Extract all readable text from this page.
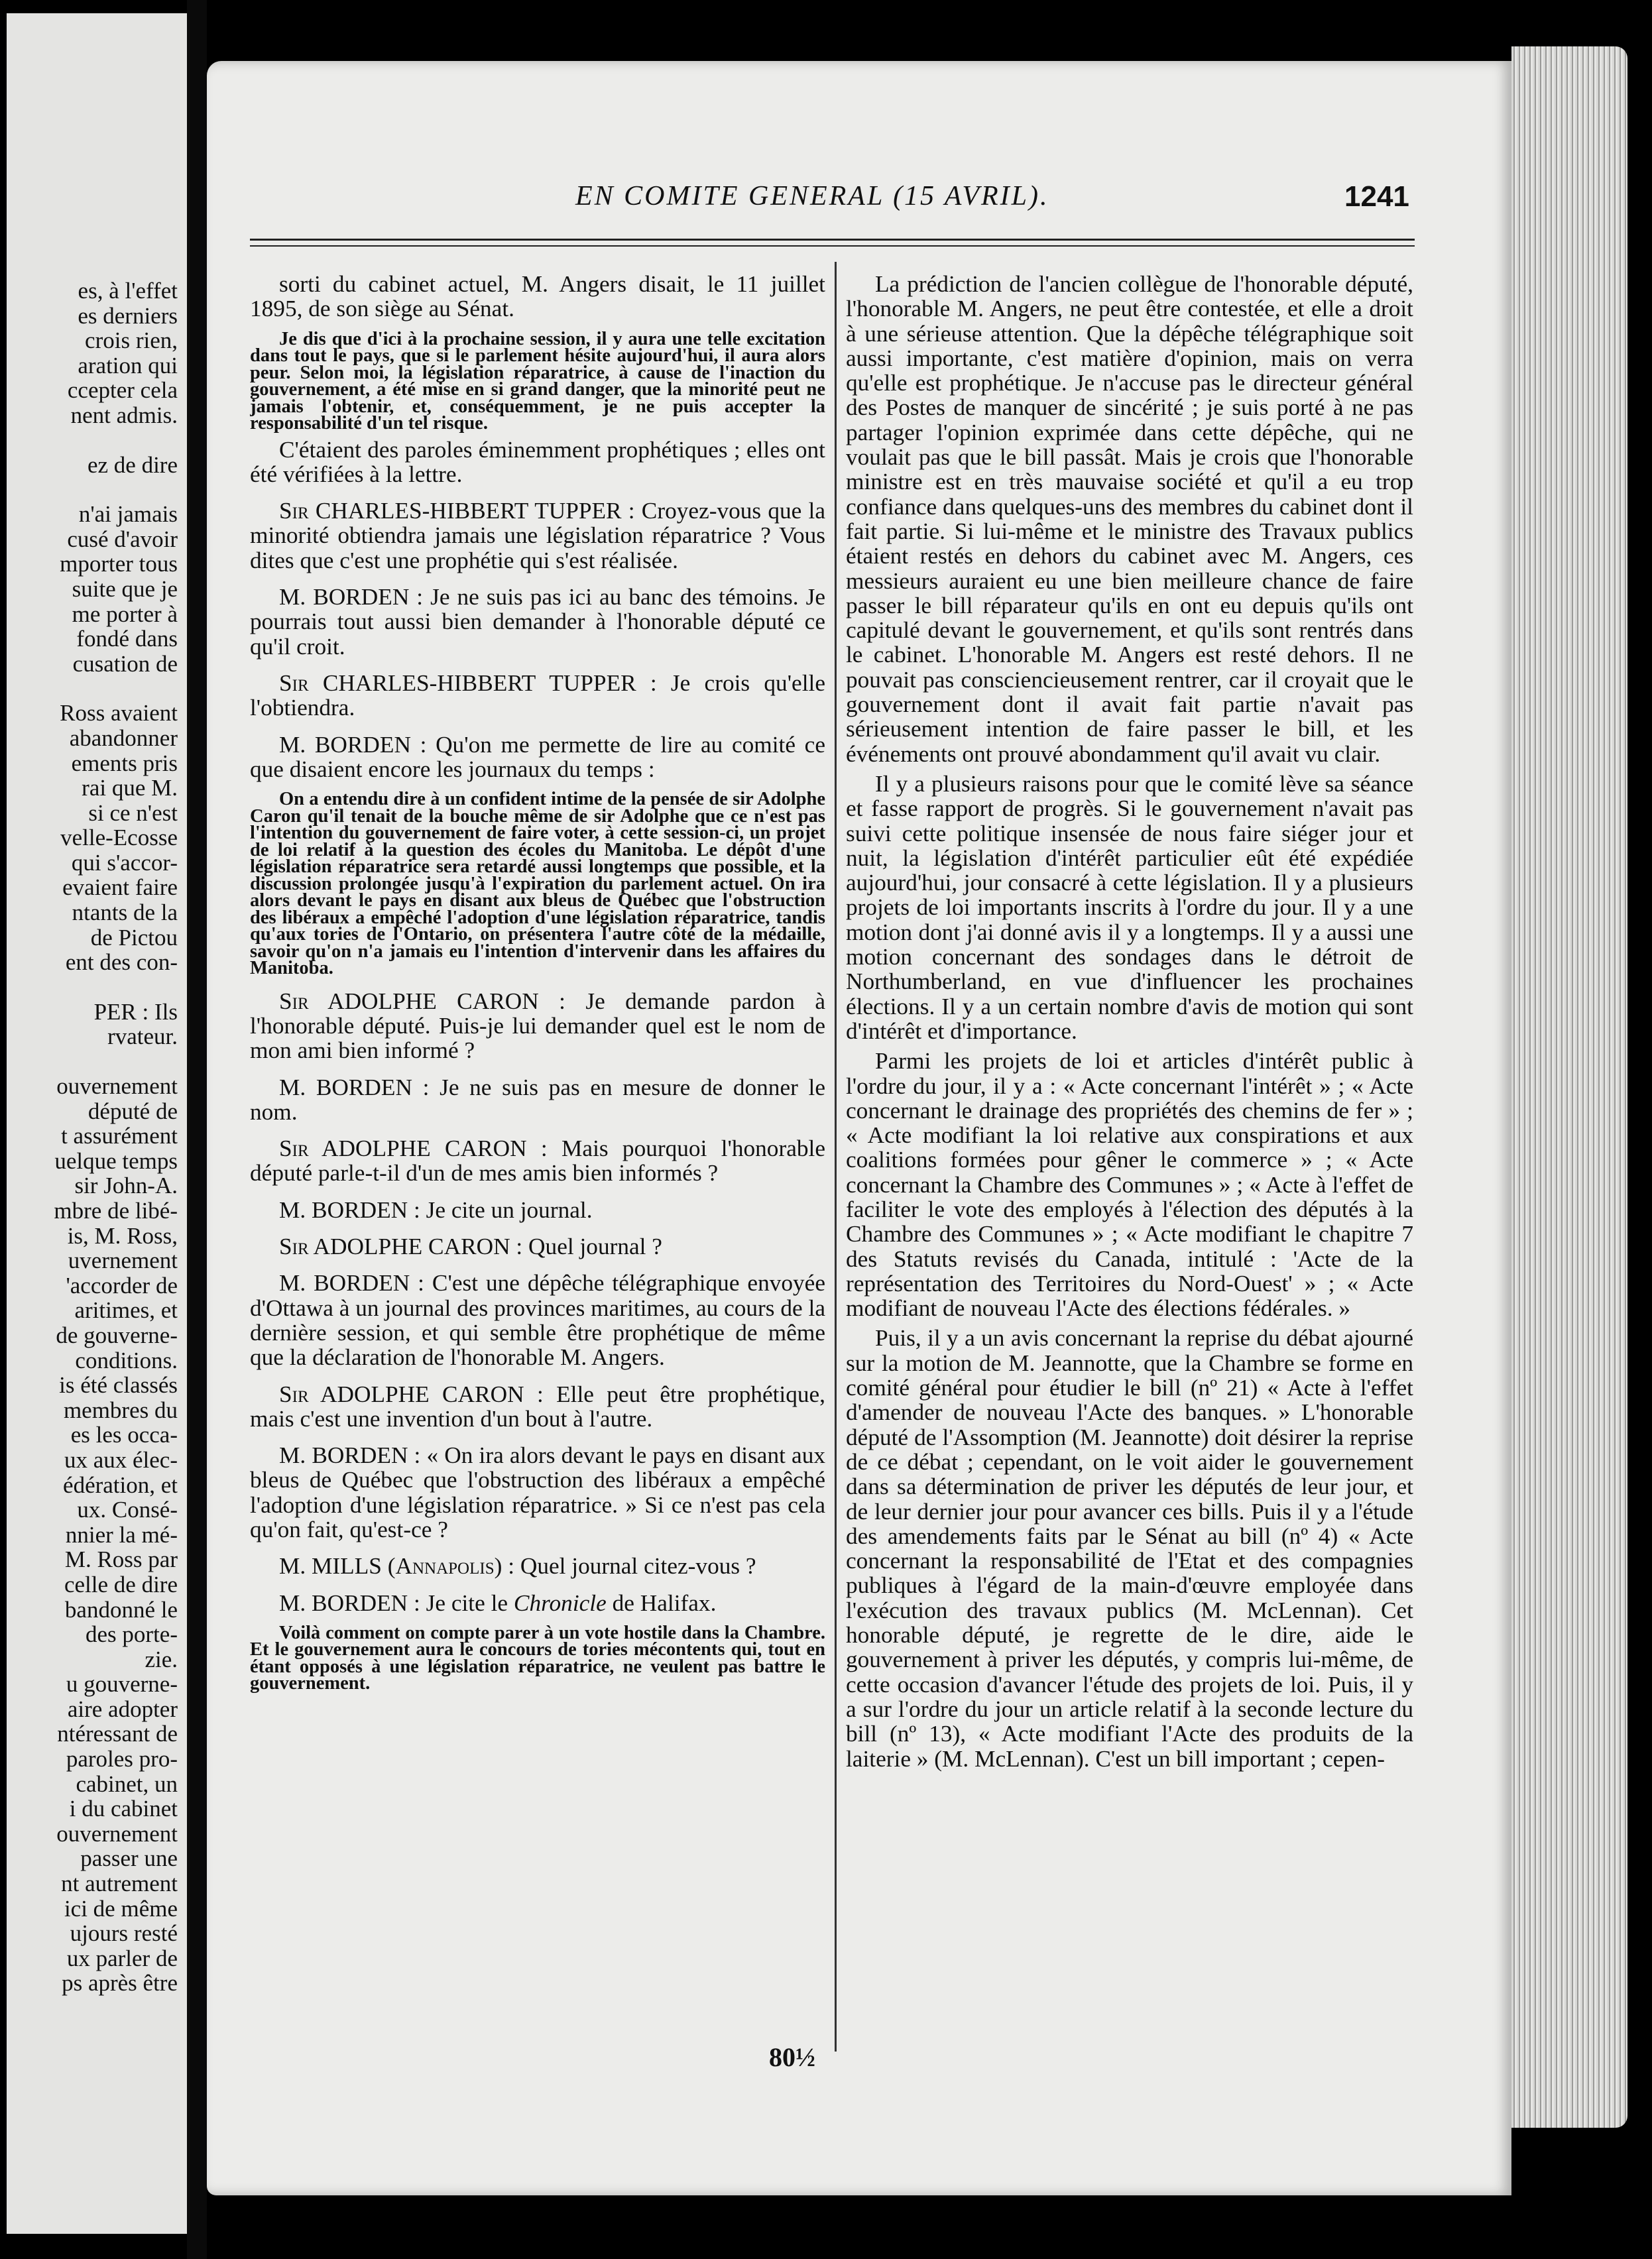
es, à l'effet
es derniers
crois rien,
aration qui
ccepter cela
nent admis.
ez de dire
n'ai jamais
cusé d'avoir
mporter tous
suite que je
me porter à
fondé dans
cusation de
Ross avaient
abandonner
ements pris
rai que M.
si ce n'est
velle-Ecosse
qui s'accor-
evaient faire
ntants de la
de Pictou
ent des con-
PER : Ils
rvateur.
ouvernement
député de
t assurément
uelque temps
sir John-A.
mbre de libé-
is, M. Ross,
uvernement
'accorder de
aritimes, et
de gouverne-
conditions.
is été classés
membres du
es les occa-
ux aux élec-
édération, et
ux. Consé-
nnier la mé-
M. Ross par
celle de dire
bandonné le
des porte-
zie.
u gouverne-
aire adopter
ntéressant de
paroles pro-
cabinet, un
i du cabinet
ouvernement
passer une
nt autrement
ici de même
ujours resté
ux parler de
ps après être
EN COMITE GENERAL (15 AVRIL).	1241

sorti du cabinet actuel, M. Angers disait, le 11 juillet 1895, de son siège au Sénat.

Je dis que d'ici à la prochaine session, il y aura une telle excitation dans tout le pays, que si le parlement hésite aujourd'hui, il aura alors peur. Selon moi, la législation réparatrice, à cause de l'inaction du gouvernement, a été mise en si grand danger, que la minorité peut ne jamais l'obtenir, et, conséquemment, je ne puis accepter la responsabilité d'un tel risque.

C'étaient des paroles éminemment prophétiques ; elles ont été vérifiées à la lettre.

Sir CHARLES-HIBBERT TUPPER : Croyez-vous que la minorité obtiendra jamais une législation réparatrice ? Vous dites que c'est une prophétie qui s'est réalisée.

M. BORDEN : Je ne suis pas ici au banc des témoins. Je pourrais tout aussi bien demander à l'honorable député ce qu'il croit.

Sir CHARLES-HIBBERT TUPPER : Je crois qu'elle l'obtiendra.

M. BORDEN : Qu'on me permette de lire au comité ce que disaient encore les journaux du temps :

On a entendu dire à un confident intime de la pensée de sir Adolphe Caron qu'il tenait de la bouche même de sir Adolphe que ce n'est pas l'intention du gouvernement de faire voter, à cette session-ci, un projet de loi relatif à la question des écoles du Manitoba. Le dépôt d'une législation réparatrice sera retardé aussi longtemps que possible, et la discussion prolongée jusqu'à l'expiration du parlement actuel. On ira alors devant le pays en disant aux bleus de Québec que l'obstruction des libéraux a empêché l'adoption d'une législation réparatrice, tandis qu'aux tories de l'Ontario, on présentera l'autre côté de la médaille, savoir qu'on n'a jamais eu l'intention d'intervenir dans les affaires du Manitoba.

Sir ADOLPHE CARON : Je demande pardon à l'honorable député. Puis-je lui demander quel est le nom de mon ami bien informé ?

M. BORDEN : Je ne suis pas en mesure de donner le nom.

Sir ADOLPHE CARON : Mais pourquoi l'honorable député parle-t-il d'un de mes amis bien informés ?

M. BORDEN : Je cite un journal.

Sir ADOLPHE CARON : Quel journal ?

M. BORDEN : C'est une dépêche télégraphique envoyée d'Ottawa à un journal des provinces maritimes, au cours de la dernière session, et qui semble être prophétique de même que la déclaration de l'honorable M. Angers.

Sir ADOLPHE CARON : Elle peut être prophétique, mais c'est une invention d'un bout à l'autre.

M. BORDEN : « On ira alors devant le pays en disant aux bleus de Québec que l'obstruction des libéraux a empêché l'adoption d'une législation réparatrice. » Si ce n'est pas cela qu'on fait, qu'est-ce ?

M. MILLS (Annapolis) : Quel journal citez-vous ?

M. BORDEN : Je cite le Chronicle de Halifax.

Voilà comment on compte parer à un vote hostile dans la Chambre. Et le gouvernement aura le concours de tories mécontents qui, tout en étant opposés à une législation réparatrice, ne veulent pas battre le gouvernement.

La prédiction de l'ancien collègue de l'honorable député, l'honorable M. Angers, ne peut être contestée, et elle a droit à une sérieuse attention. Que la dépêche télégraphique soit aussi importante, c'est matière d'opinion, mais on verra qu'elle est prophétique. Je n'accuse pas le directeur général des Postes de manquer de sincérité ; je suis porté à ne pas partager l'opinion exprimée dans cette dépêche, qui ne voulait pas que le bill passât. Mais je crois que l'honorable ministre est en très mauvaise société et qu'il a eu trop confiance dans quelques-uns des membres du cabinet dont il fait partie. Si lui-même et le ministre des Travaux publics étaient restés en dehors du cabinet avec M. Angers, ces messieurs auraient eu une bien meilleure chance de faire passer le bill réparateur qu'ils en ont eu depuis qu'ils ont capitulé devant le gouvernement, et qu'ils sont rentrés dans le cabinet. L'honorable M. Angers est resté dehors. Il ne pouvait pas consciencieusement rentrer, car il croyait que le gouvernement dont il avait fait partie n'avait pas sérieusement intention de faire passer le bill, et les événements ont prouvé abondamment qu'il avait vu clair.

Il y a plusieurs raisons pour que le comité lève sa séance et fasse rapport de progrès. Si le gouvernement n'avait pas suivi cette politique insensée de nous faire siéger jour et nuit, la législation d'intérêt particulier eût été expédiée aujourd'hui, jour consacré à cette législation. Il y a plusieurs projets de loi importants inscrits à l'ordre du jour. Il y a une motion dont j'ai donné avis il y a longtemps. Il y a aussi une motion concernant des sondages dans le détroit de Northumberland, en vue d'influencer les prochaines élections. Il y a un certain nombre d'avis de motion qui sont d'intérêt et d'importance.

Parmi les projets de loi et articles d'intérêt public à l'ordre du jour, il y a : « Acte concernant l'intérêt » ; « Acte concernant le drainage des propriétés des chemins de fer » ; « Acte modifiant la loi relative aux conspirations et aux coalitions formées pour gêner le commerce » ; « Acte concernant la Chambre des Communes » ; « Acte à l'effet de faciliter le vote des employés à l'élection des députés à la Chambre des Communes » ; « Acte modifiant le chapitre 7 des Statuts revisés du Canada, intitulé : 'Acte de la représentation des Territoires du Nord-Ouest' » ; « Acte modifiant de nouveau l'Acte des élections fédérales. »

Puis, il y a un avis concernant la reprise du débat ajourné sur la motion de M. Jeannotte, que la Chambre se forme en comité général pour étudier le bill (nº 21) « Acte à l'effet d'amender de nouveau l'Acte des banques. » L'honorable député de l'Assomption (M. Jeannotte) doit désirer la reprise de ce débat ; cependant, on le voit aider le gouvernement dans sa détermination de priver les députés de leur jour, et de leur dernier jour pour avancer ces bills. Puis il y a l'étude des amendements faits par le Sénat au bill (nº 4) « Acte concernant la responsabilité de l'Etat et des compagnies publiques à l'égard de la main-d'œuvre employée dans l'exécution des travaux publics (M. McLennan). Cet honorable député, je regrette de le dire, aide le gouvernement à priver les députés, y compris lui-même, de cette occasion d'avancer l'étude des projets de loi. Puis, il y a sur l'ordre du jour un article relatif à la seconde lecture du bill (nº 13), « Acte modifiant l'Acte des produits de la laiterie » (M. McLennan). C'est un bill important ; cepen-

80½
